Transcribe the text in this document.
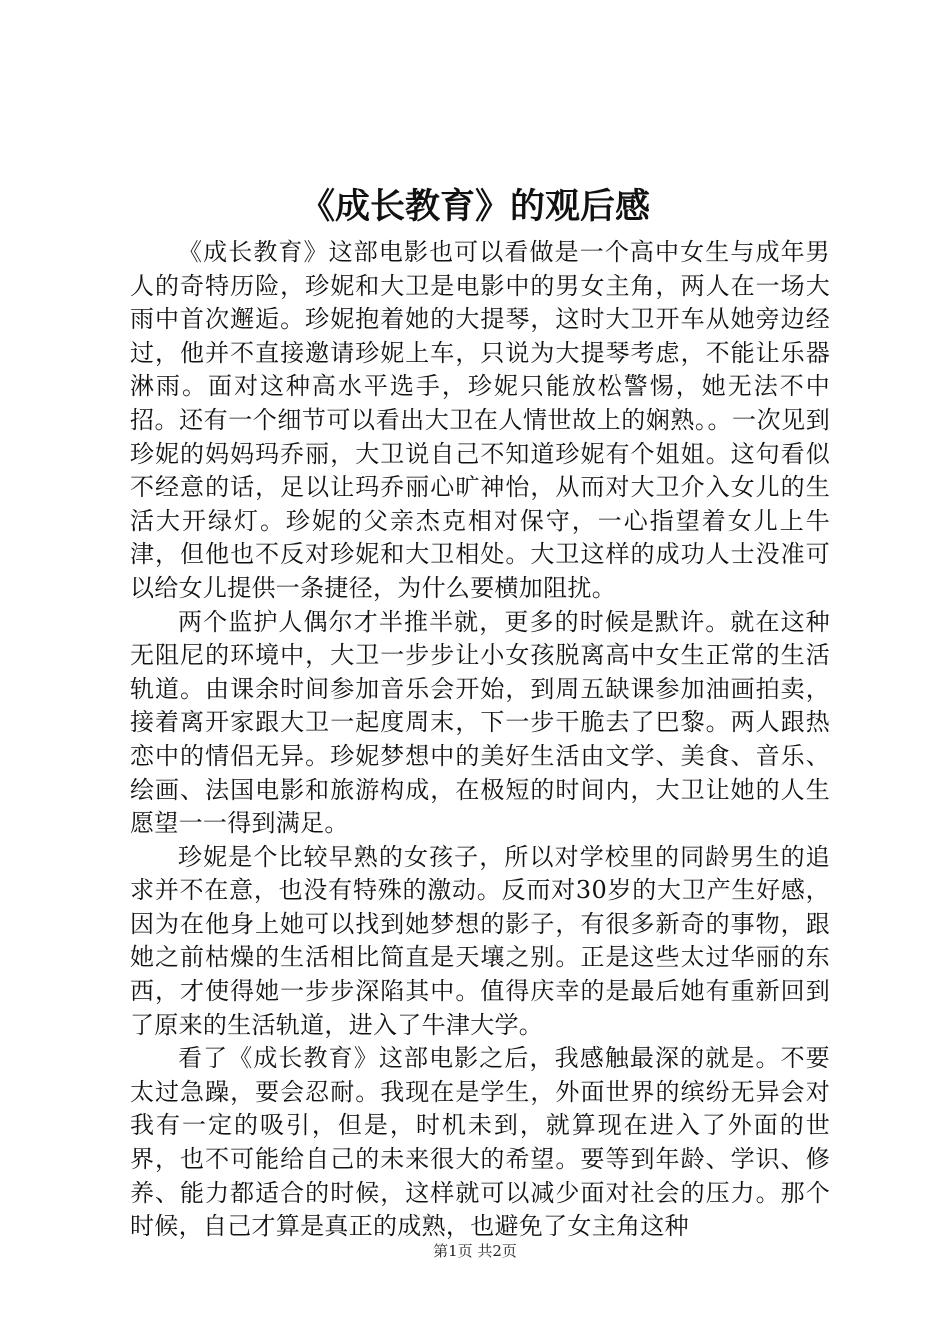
《成长教育》的观后感

《成长教育》这部电影也可以看做是一个高中女生与成年男人的奇特历险，珍妮和大卫是电影中的男女主角，两人在一场大雨中首次邂逅。珍妮抱着她的大提琴，这时大卫开车从她旁边经过，他并不直接邀请珍妮上车，只说为大提琴考虑，不能让乐器淋雨。面对这种高水平选手，珍妮只能放松警惕，她无法不中招。还有一个细节可以看出大卫在人情世故上的娴熟。。一次见到珍妮的妈妈玛乔丽，大卫说自己不知道珍妮有个姐姐。这句看似不经意的话，足以让玛乔丽心旷神怡，从而对大卫介入女儿的生活大开绿灯。珍妮的父亲杰克相对保守，一心指望着女儿上牛津，但他也不反对珍妮和大卫相处。大卫这样的成功人士没准可以给女儿提供一条捷径，为什么要横加阻扰。

两个监护人偶尔才半推半就，更多的时候是默许。就在这种无阻尼的环境中，大卫一步步让小女孩脱离高中女生正常的生活轨道。由课余时间参加音乐会开始，到周五缺课参加油画拍卖，接着离开家跟大卫一起度周末，下一步干脆去了巴黎。两人跟热恋中的情侣无异。珍妮梦想中的美好生活由文学、美食、音乐、绘画、法国电影和旅游构成，在极短的时间内，大卫让她的人生愿望一一得到满足。

珍妮是个比较早熟的女孩子，所以对学校里的同龄男生的追求并不在意，也没有特殊的激动。反而对30岁的大卫产生好感，因为在他身上她可以找到她梦想的影子，有很多新奇的事物，跟她之前枯燥的生活相比简直是天壤之别。正是这些太过华丽的东西，才使得她一步步深陷其中。值得庆幸的是最后她有重新回到了原来的生活轨道，进入了牛津大学。

看了《成长教育》这部电影之后，我感触最深的就是。不要太过急躁，要会忍耐。我现在是学生，外面世界的缤纷无异会对我有一定的吸引，但是，时机未到，就算现在进入了外面的世界，也不可能给自己的未来很大的希望。要等到年龄、学识、修养、能力都适合的时候，这样就可以减少面对社会的压力。那个时候，自己才算是真正的成熟，也避免了女主角这种

第1页 共2页
